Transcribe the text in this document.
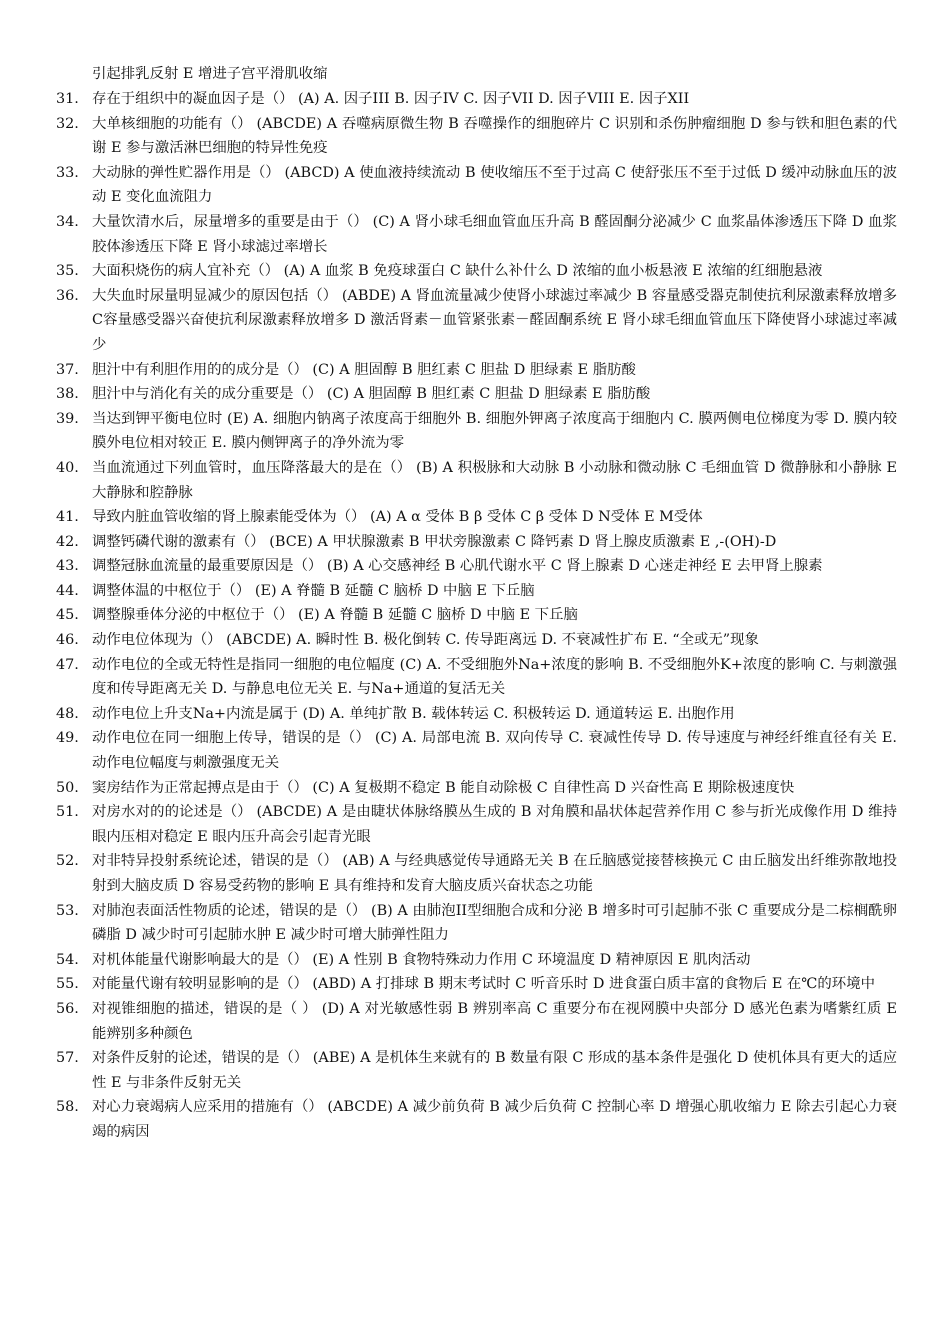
引起排乳反射 E 增进子宫平滑肌收缩
31. 存在于组织中的凝血因子是（） (A) A. 因子III B. 因子IV C. 因子VII D. 因子VIII E. 因子XII
32. 大单核细胞的功能有（） (ABCDE) A 吞噬病原微生物 B 吞噬操作的细胞碎片 C 识别和杀伤肿瘤细胞 D 参与铁和胆色素的代谢 E 参与激活淋巴细胞的特异性免疫
33. 大动脉的弹性贮器作用是（） (ABCD) A 使血液持续流动 B 使收缩压不至于过高 C 使舒张压不至于过低 D 缓冲动脉血压的波动 E 变化血流阻力
34. 大量饮清水后，尿量增多的重要是由于（） (C) A 肾小球毛细血管血压升高 B 醛固酮分泌减少 C 血浆晶体渗透压下降 D 血浆胶体渗透压下降 E 肾小球滤过率增长
35. 大面积烧伤的病人宜补充（） (A) A 血浆 B 免疫球蛋白 C 缺什么补什么 D 浓缩的血小板悬液 E 浓缩的红细胞悬液
36. 大失血时尿量明显减少的原因包括（） (ABDE) A 肾血流量减少使肾小球滤过率减少 B 容量感受器克制使抗利尿激素释放增多 C容量感受器兴奋使抗利尿激素释放增多 D 激活肾素－血管紧张素－醛固酮系统 E 肾小球毛细血管血压下降使肾小球滤过率减少
37. 胆汁中有利胆作用的的成分是（） (C) A 胆固醇 B 胆红素 C 胆盐 D 胆绿素 E 脂肪酸
38. 胆汁中与消化有关的成分重要是（） (C) A 胆固醇 B 胆红素 C 胆盐 D 胆绿素 E 脂肪酸
39. 当达到钾平衡电位时 (E) A. 细胞内钠离子浓度高于细胞外 B. 细胞外钾离子浓度高于细胞内 C. 膜两侧电位梯度为零 D. 膜内较膜外电位相对较正 E. 膜内侧钾离子的净外流为零
40. 当血流通过下列血管时，血压降落最大的是在（） (B) A 积极脉和大动脉 B 小动脉和微动脉 C 毛细血管 D 微静脉和小静脉 E 大静脉和腔静脉
41. 导致内脏血管收缩的肾上腺素能受体为（） (A) A α 受体 B β 受体 C β 受体 D N受体 E M受体
42. 调整钙磷代谢的激素有（） (BCE) A 甲状腺激素 B 甲状旁腺激素 C 降钙素 D 肾上腺皮质激素 E ,-(OH)-D
43. 调整冠脉血流量的最重要原因是（） (B) A 心交感神经 B 心肌代谢水平 C 肾上腺素 D 心迷走神经 E 去甲肾上腺素
44. 调整体温的中枢位于（） (E) A 脊髓 B 延髓 C 脑桥 D 中脑 E 下丘脑
45. 调整腺垂体分泌的中枢位于（） (E) A 脊髓 B 延髓 C 脑桥 D 中脑 E 下丘脑
46. 动作电位体现为（） (ABCDE) A. 瞬时性 B. 极化倒转 C. 传导距离远 D. 不衰减性扩布 E. “全或无”现象
47. 动作电位的全或无特性是指同一细胞的电位幅度 (C) A. 不受细胞外Na+浓度的影响 B. 不受细胞外K+浓度的影响 C. 与刺激强度和传导距离无关 D. 与静息电位无关 E. 与Na+通道的复活无关
48. 动作电位上升支Na+内流是属于 (D) A. 单纯扩散 B. 载体转运 C. 积极转运 D. 通道转运 E. 出胞作用
49. 动作电位在同一细胞上传导，错误的是（） (C) A. 局部电流 B. 双向传导 C. 衰减性传导 D. 传导速度与神经纤维直径有关 E. 动作电位幅度与刺激强度无关
50. 窦房结作为正常起搏点是由于（） (C) A 复极期不稳定 B 能自动除极 C 自律性高 D 兴奋性高 E 期除极速度快
51. 对房水对的的论述是（） (ABCDE) A 是由睫状体脉络膜丛生成的 B 对角膜和晶状体起营养作用 C 参与折光成像作用 D 维持眼内压相对稳定 E 眼内压升高会引起青光眼
52. 对非特异投射系统论述，错误的是（） (AB) A 与经典感觉传导通路无关 B 在丘脑感觉接替核换元 C 由丘脑发出纤维弥散地投射到大脑皮质 D 容易受药物的影响 E 具有维持和发育大脑皮质兴奋状态之功能
53. 对肺泡表面活性物质的论述，错误的是（） (B) A 由肺泡II型细胞合成和分泌 B 增多时可引起肺不张 C 重要成分是二棕榈酰卵磷脂 D 减少时可引起肺水肿 E 减少时可增大肺弹性阻力
54. 对机体能量代谢影响最大的是（） (E) A 性别 B 食物特殊动力作用 C 环境温度 D 精神原因 E 肌肉活动
55. 对能量代谢有较明显影响的是（） (ABD) A 打排球 B 期末考试时 C 听音乐时 D 进食蛋白质丰富的食物后 E 在℃的环境中
56. 对视锥细胞的描述，错误的是（ ） (D) A 对光敏感性弱 B 辨别率高 C 重要分布在视网膜中央部分 D 感光色素为嗜紫红质 E 能辨别多种颜色
57. 对条件反射的论述，错误的是（） (ABE) A 是机体生来就有的 B 数量有限 C 形成的基本条件是强化 D 使机体具有更大的适应性 E 与非条件反射无关
58. 对心力衰竭病人应采用的措施有（） (ABCDE) A 减少前负荷 B 减少后负荷 C 控制心率 D 增强心肌收缩力 E 除去引起心力衰竭的病因
